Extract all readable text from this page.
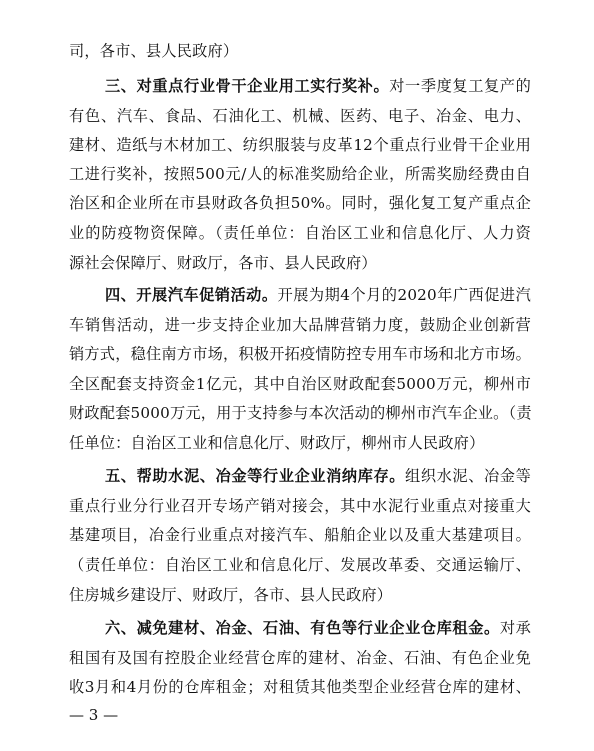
司，各市、县人民政府）
三、对重点行业骨干企业用工实行奖补。对一季度复工复产的
有色、汽车、食品、石油化工、机械、医药、电子、冶金、电力、
建材、造纸与木材加工、纺织服装与皮革12个重点行业骨干企业用
工进行奖补，按照500元/人的标准奖励给企业，所需奖励经费由自
治区和企业所在市县财政各负担50%。同时，强化复工复产重点企
业的防疫物资保障。（责任单位：自治区工业和信息化厅、人力资
源社会保障厅、财政厅，各市、县人民政府）
四、开展汽车促销活动。开展为期4个月的2020年广西促进汽
车销售活动，进一步支持企业加大品牌营销力度，鼓励企业创新营
销方式，稳住南方市场，积极开拓疫情防控专用车市场和北方市场。
全区配套支持资金1亿元，其中自治区财政配套5000万元，柳州市
财政配套5000万元，用于支持参与本次活动的柳州市汽车企业。（责
任单位：自治区工业和信息化厅、财政厅，柳州市人民政府）
五、帮助水泥、冶金等行业企业消纳库存。组织水泥、冶金等
重点行业分行业召开专场产销对接会，其中水泥行业重点对接重大
基建项目，冶金行业重点对接汽车、船舶企业以及重大基建项目。
（责任单位：自治区工业和信息化厅、发展改革委、交通运输厅、
住房城乡建设厅、财政厅，各市、县人民政府）
六、减免建材、冶金、石油、有色等行业企业仓库租金。对承
租国有及国有控股企业经营仓库的建材、冶金、石油、有色企业免
收3月和4月份的仓库租金；对租赁其他类型企业经营仓库的建材、
— 3 —
